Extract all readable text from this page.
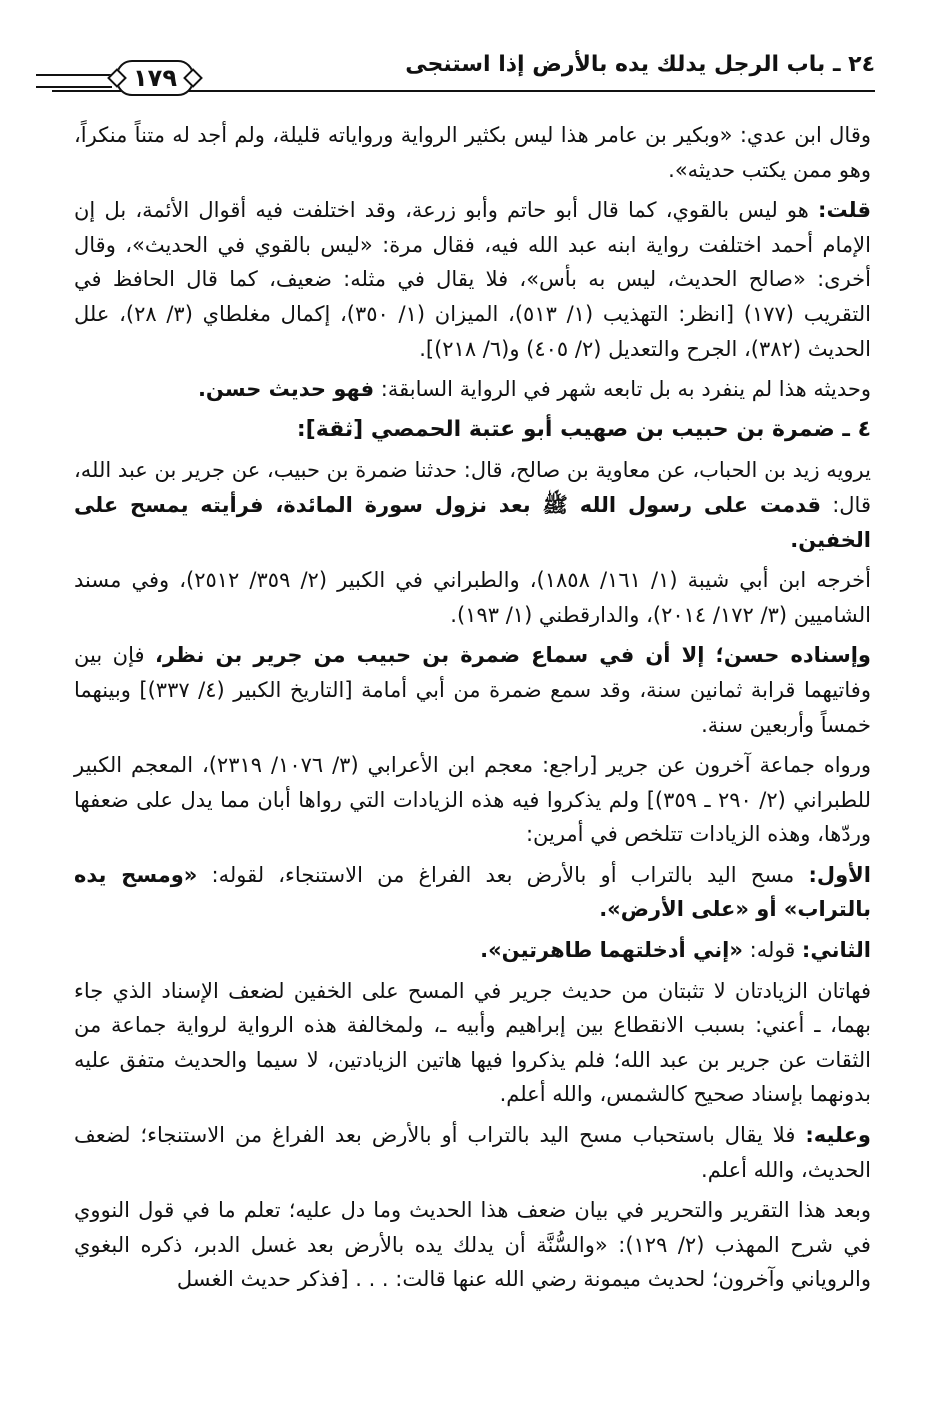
٢٤ ـ باب الرجل يدلك يده بالأرض إذا استنجى
١٧٩

وقال ابن عدي: «وبكير بن عامر هذا ليس بكثير الرواية ورواياته قليلة، ولم أجد له متناً منكراً، وهو ممن يكتب حديثه».

قلت: هو ليس بالقوي، كما قال أبو حاتم وأبو زرعة، وقد اختلفت فيه أقوال الأئمة، بل إن الإمام أحمد اختلفت رواية ابنه عبد الله فيه، فقال مرة: «ليس بالقوي في الحديث»، وقال أخرى: «صالح الحديث، ليس به بأس»، فلا يقال في مثله: ضعيف، كما قال الحافظ في التقريب (١٧٧) [انظر: التهذيب (١/ ٥١٣)، الميزان (١/ ٣٥٠)، إكمال مغلطاي (٣/ ٢٨)، علل الحديث (٣٨٢)، الجرح والتعديل (٢/ ٤٠٥) و(٦/ ٢١٨)].

وحديثه هذا لم ينفرد به بل تابعه شهر في الرواية السابقة: فهو حديث حسن.

٤ ـ ضمرة بن حبيب بن صهيب أبو عتبة الحمصي [ثقة]:

يرويه زيد بن الحباب، عن معاوية بن صالح، قال: حدثنا ضمرة بن حبيب، عن جرير بن عبد الله، قال: قدمت على رسول الله ﷺ بعد نزول سورة المائدة، فرأيته يمسح على الخفين.

أخرجه ابن أبي شيبة (١/ ١٦١/ ١٨٥٨)، والطبراني في الكبير (٢/ ٣٥٩/ ٢٥١٢)، وفي مسند الشاميين (٣/ ١٧٢/ ٢٠١٤)، والدارقطني (١/ ١٩٣).

وإسناده حسن؛ إلا أن في سماع ضمرة بن حبيب من جرير بن نظر، فإن بين وفاتيهما قرابة ثمانين سنة، وقد سمع ضمرة من أبي أمامة [التاريخ الكبير (٤/ ٣٣٧)] وبينهما خمساً وأربعين سنة.

ورواه جماعة آخرون عن جرير [راجع: معجم ابن الأعرابي (٣/ ١٠٧٦/ ٢٣١٩)، المعجم الكبير للطبراني (٢/ ٢٩٠ ـ ٣٥٩)] ولم يذكروا فيه هذه الزيادات التي رواها أبان مما يدل على ضعفها وردّها، وهذه الزيادات تتلخص في أمرين:

الأول: مسح اليد بالتراب أو بالأرض بعد الفراغ من الاستنجاء، لقوله: «ومسح يده بالتراب» أو «على الأرض».

الثاني: قوله: «إني أدخلتهما طاهرتين».

فهاتان الزيادتان لا تثبتان من حديث جرير في المسح على الخفين لضعف الإسناد الذي جاء بهما، ـ أعني: بسبب الانقطاع بين إبراهيم وأبيه ـ، ولمخالفة هذه الرواية لرواية جماعة من الثقات عن جرير بن عبد الله؛ فلم يذكروا فيها هاتين الزيادتين، لا سيما والحديث متفق عليه بدونهما بإسناد صحيح كالشمس، والله أعلم.

وعليه: فلا يقال باستحباب مسح اليد بالتراب أو بالأرض بعد الفراغ من الاستنجاء؛ لضعف الحديث، والله أعلم.

وبعد هذا التقرير والتحرير في بيان ضعف هذا الحديث وما دل عليه؛ تعلم ما في قول النووي في شرح المهذب (٢/ ١٢٩): «والسُّنَّة أن يدلك يده بالأرض بعد غسل الدبر، ذكره البغوي والروياني وآخرون؛ لحديث ميمونة رضي الله عنها قالت: . . . [فذكر حديث الغسل
